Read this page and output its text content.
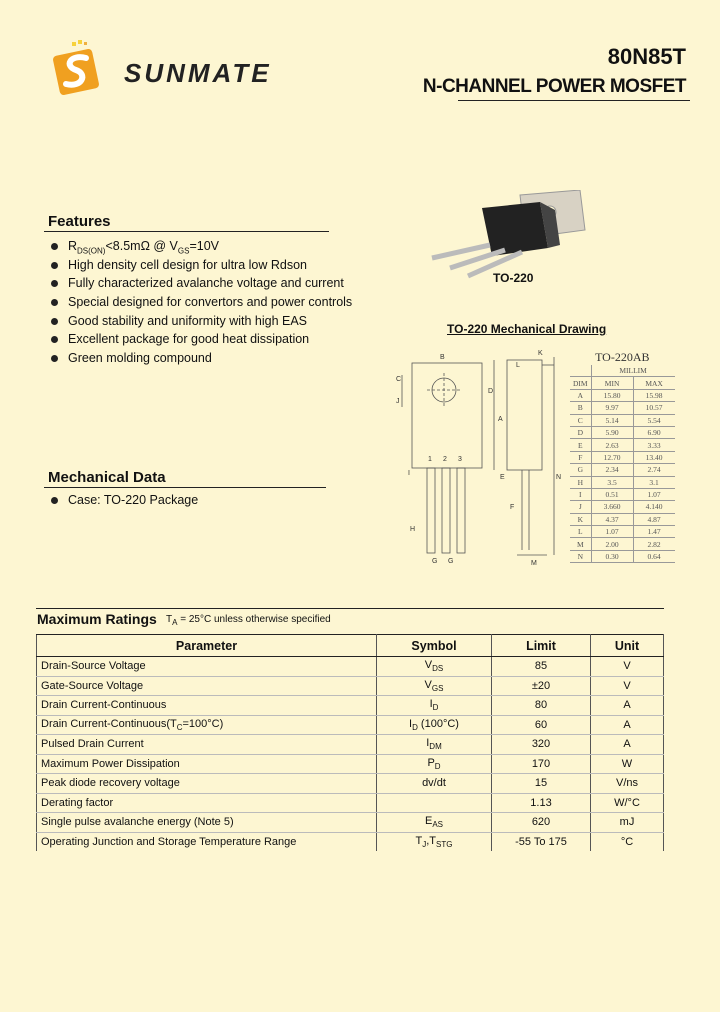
SUNMATE
80N85T
N-CHANNEL POWER MOSFET
Features
$R_{DS(ON)}<8.5m\Omega$ @ $V_{GS}=10V$
High density cell design for ultra low Rdson
Fully characterized avalanche voltage and current
Special designed for convertors and power controls
Good stability and uniformity with high EAS
Excellent package for good heat dissipation
Green molding compound
TO-220
TO-220 Mechanical Drawing
B
C
J
D
A
E
F
I
H
G G
1 2 3
K
L
N
M
TO-220AB		
	MILLIM	
DIM	MIN	MAX
A	15.80	15.98
B	9.97	10.57
C	5.14	5.54
D	5.90	6.90
E	2.63	3.33
F	12.70	13.40
G	2.34	2.74
H	3.5	3.1
I	0.51	1.07
J	3.660	4.140
K	4.37	4.87
L	1.07	1.47
M	2.00	2.82
N	0.30	0.64
Mechanical Data
Case: TO-220 Package
Maximum Ratings $T_A = 25^\circ C$ unless otherwise specified
Parameter	Symbol	Limit	Unit
Drain-Source Voltage	$V_{DS}$	85	V
Gate-Source Voltage	$V_{GS}$	±20	V
Drain Current-Continuous	$I_D$	80	A
Drain Current-$Continuous(T_C=100^\circ C)$	$I_D$ (100°C)	60	A
Pulsed Drain Current	$I_{DM}$	320	A
Maximum Power Dissipation	$P_D$	170	W
Peak diode recovery voltage	dv/dt	15	V/ns
Derating factor		1.13	W/°C
Single pulse avalanche energy (Note 5)	$E_{AS}$	620	mJ
Operating Junction and Storage Temperature Range	$T_J,T_{STG}$	-55 To 175	°C
